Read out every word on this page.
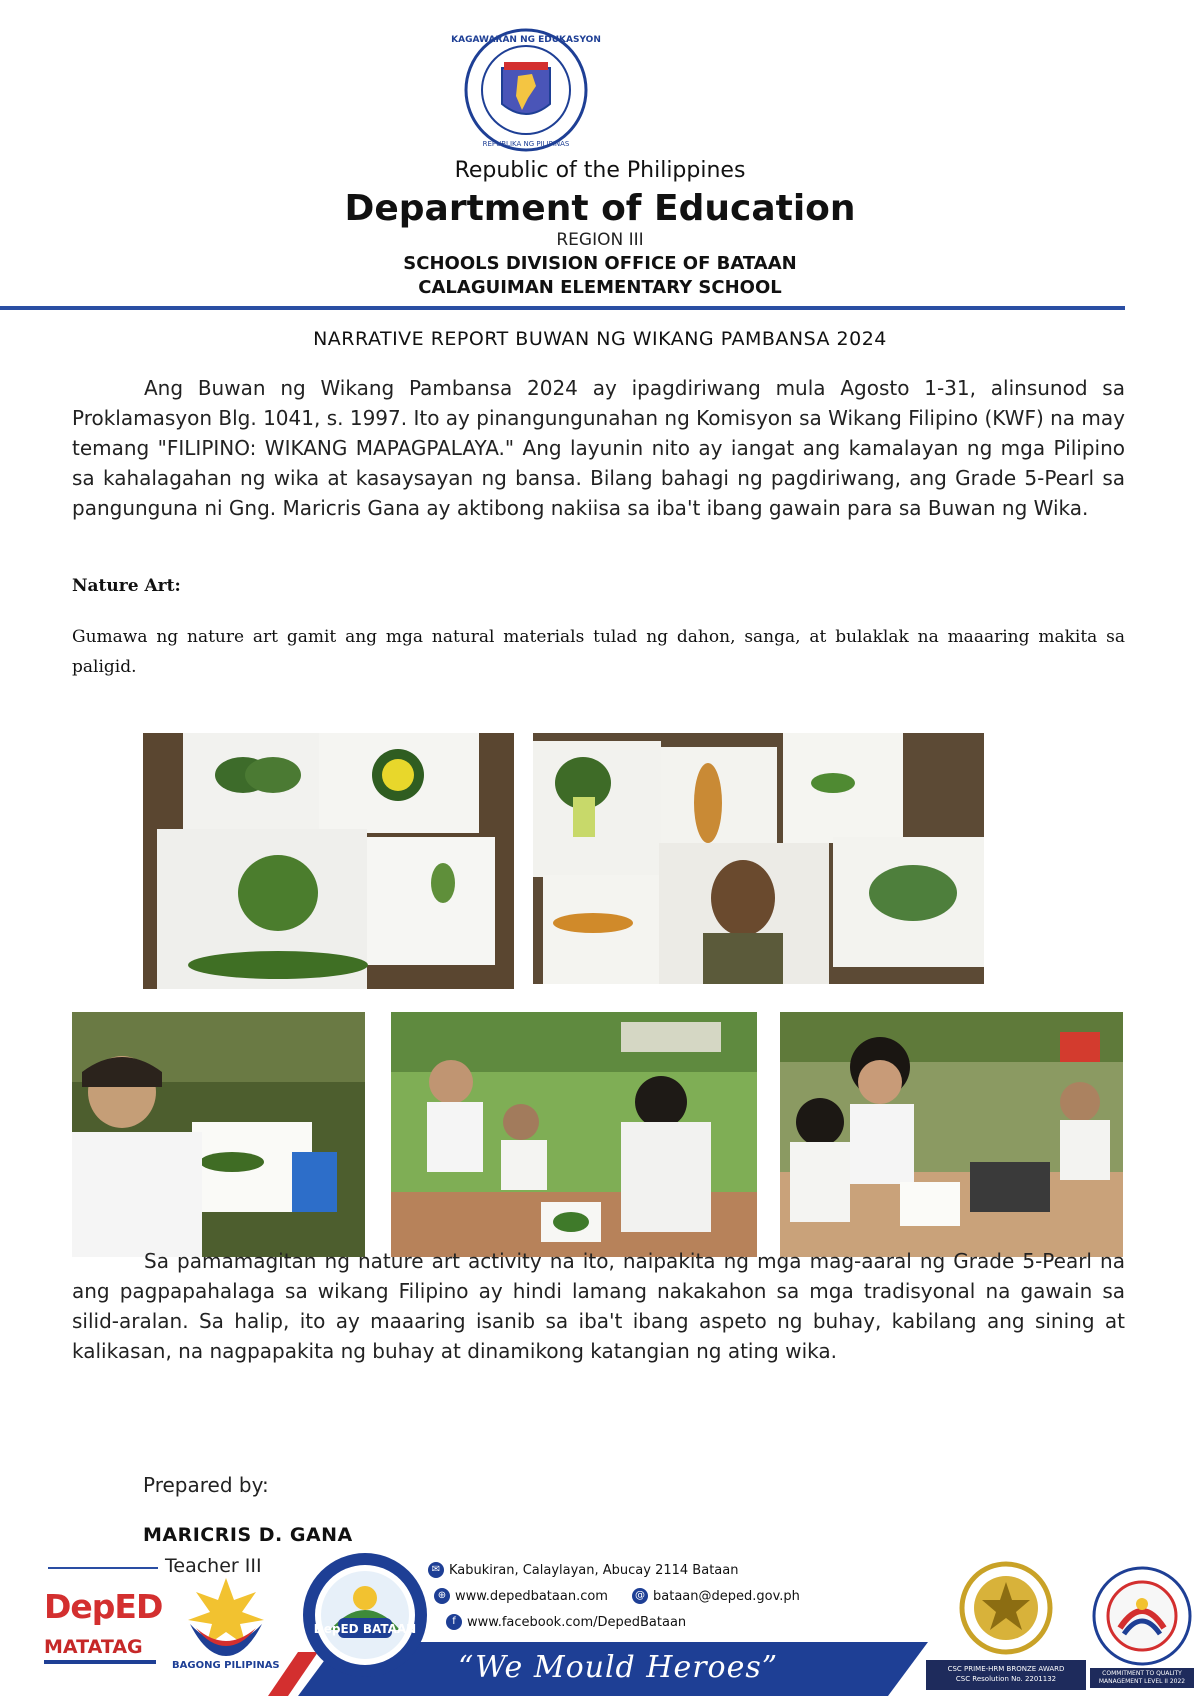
KAGAWARAN NG EDUKASYON
REPUBLIKA NG PILIPINAS
Republic of the Philippines
Department of Education
REGION III
SCHOOLS DIVISION OFFICE OF BATAAN
CALAGUIMAN ELEMENTARY SCHOOL
NARRATIVE REPORT BUWAN NG WIKANG PAMBANSA 2024

Ang Buwan ng Wikang Pambansa 2024 ay ipagdiriwang mula Agosto 1-31, alinsunod sa Proklamasyon Blg. 1041, s. 1997. Ito ay pinangungunahan ng Komisyon sa Wikang Filipino (KWF) na may temang "FILIPINO: WIKANG MAPAGPALAYA." Ang layunin nito ay iangat ang kamalayan ng mga Pilipino sa kahalagahan ng wika at kasaysayan ng bansa. Bilang bahagi ng pagdiriwang, ang Grade 5-Pearl sa pangunguna ni Gng. Maricris Gana ay aktibong nakiisa sa iba't ibang gawain para sa Buwan ng Wika.

Nature Art:

Gumawa ng nature art gamit ang mga natural materials tulad ng dahon, sanga, at bulaklak na maaaring makita sa paligid.

Sa pamamagitan ng nature art activity na ito, naipakita ng mga mag-aaral ng Grade 5-Pearl na ang pagpapahalaga sa wikang Filipino ay hindi lamang nakakahon sa mga tradisyonal na gawain sa silid-aralan. Sa halip, ito ay maaaring isanib sa iba't ibang aspeto ng buhay, kabilang ang sining at kalikasan, na nagpapakita ng buhay at dinamikong katangian ng ating wika.

Prepared by:
MARICRIS D. GANA
Teacher III
DepED
MATATAG
BAGONG PILIPINAS
DepED BATAAN
✉ Kabukiran, Calaylayan, Abucay 2114 Bataan
⊕ www.depedbataan.com	@ bataan@deped.gov.ph
f www.facebook.com/DepedBataan
“We Mould Heroes”	CSC PRIME-HRM BRONZE AWARD
CSC Resolution No. 2201132
COMMITMENT TO QUALITY MANAGEMENT LEVEL II 2022
